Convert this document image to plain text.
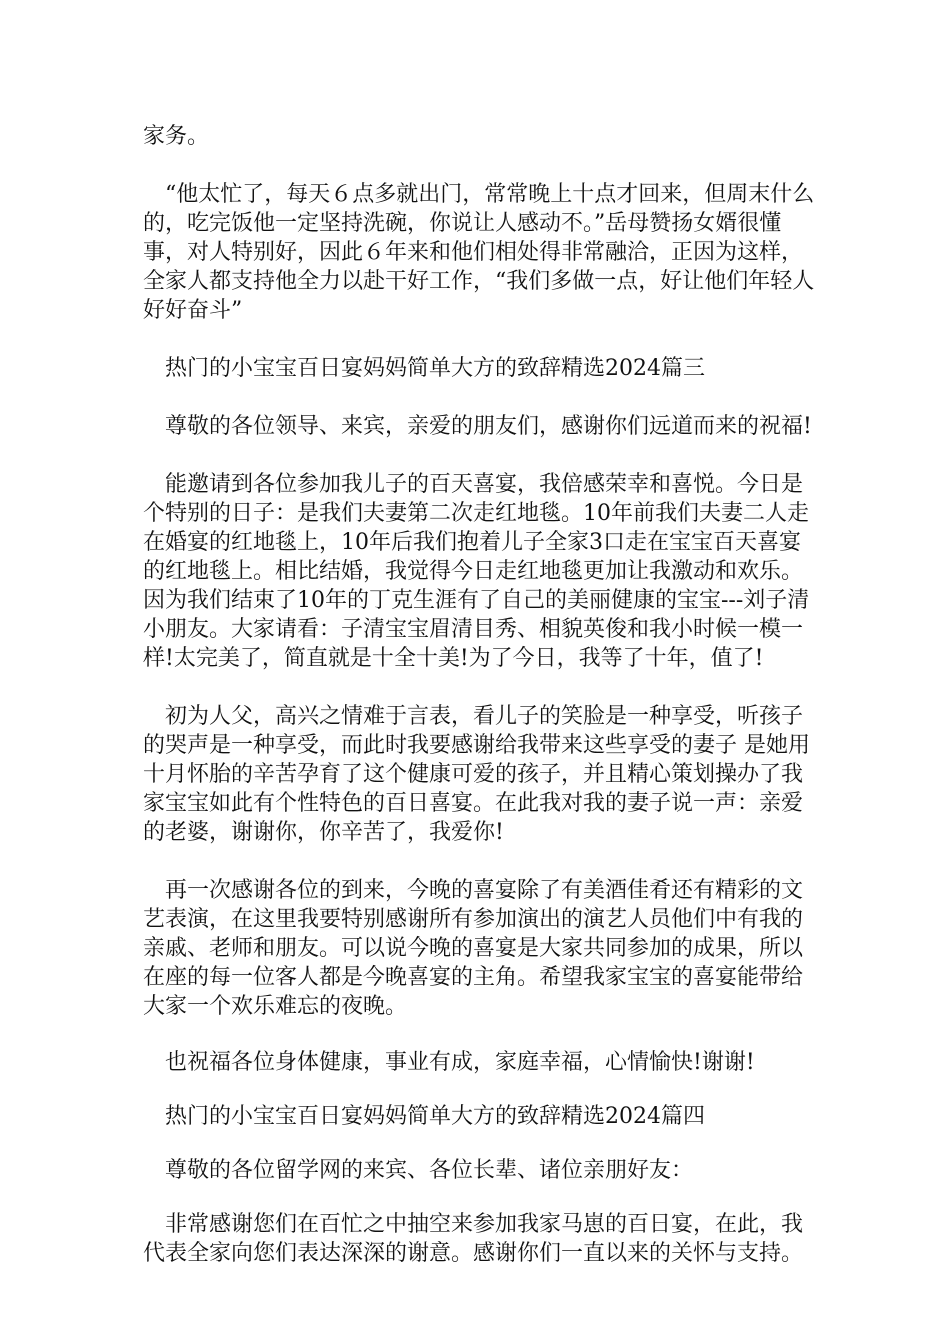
家务。

“他太忙了，每天６点多就出门，常常晚上十点才回来，但周末什么的，吃完饭他一定坚持洗碗，你说让人感动不。”岳母赞扬女婿很懂事，对人特别好，因此６年来和他们相处得非常融洽，正因为这样，全家人都支持他全力以赴干好工作，“我们多做一点，好让他们年轻人好好奋斗”

热门的小宝宝百日宴妈妈简单大方的致辞精选2024篇三

尊敬的各位领导、来宾，亲爱的朋友们，感谢你们远道而来的祝福!

能邀请到各位参加我儿子的百天喜宴，我倍感荣幸和喜悦。今日是个特别的日子：是我们夫妻第二次走红地毯。10年前我们夫妻二人走在婚宴的红地毯上，10年后我们抱着儿子全家3口走在宝宝百天喜宴的红地毯上。相比结婚，我觉得今日走红地毯更加让我激动和欢乐。因为我们结束了10年的丁克生涯有了自己的美丽健康的宝宝---刘子清小朋友。大家请看：子清宝宝眉清目秀、相貌英俊和我小时候一模一样!太完美了，简直就是十全十美!为了今日，我等了十年，值了!

初为人父，高兴之情难于言表，看儿子的笑脸是一种享受，听孩子的哭声是一种享受，而此时我要感谢给我带来这些享受的妻子 是她用十月怀胎的辛苦孕育了这个健康可爱的孩子，并且精心策划操办了我家宝宝如此有个性特色的百日喜宴。在此我对我的妻子说一声：亲爱的老婆，谢谢你，你辛苦了，我爱你!

再一次感谢各位的到来，今晚的喜宴除了有美酒佳肴还有精彩的文艺表演，在这里我要特别感谢所有参加演出的演艺人员他们中有我的亲戚、老师和朋友。可以说今晚的喜宴是大家共同参加的成果，所以在座的每一位客人都是今晚喜宴的主角。希望我家宝宝的喜宴能带给大家一个欢乐难忘的夜晚。

也祝福各位身体健康，事业有成，家庭幸福，心情愉快!谢谢!

热门的小宝宝百日宴妈妈简单大方的致辞精选2024篇四

尊敬的各位留学网的来宾、各位长辈、诸位亲朋好友：

非常感谢您们在百忙之中抽空来参加我家马崽的百日宴，在此，我代表全家向您们表达深深的谢意。感谢你们一直以来的关怀与支持。
